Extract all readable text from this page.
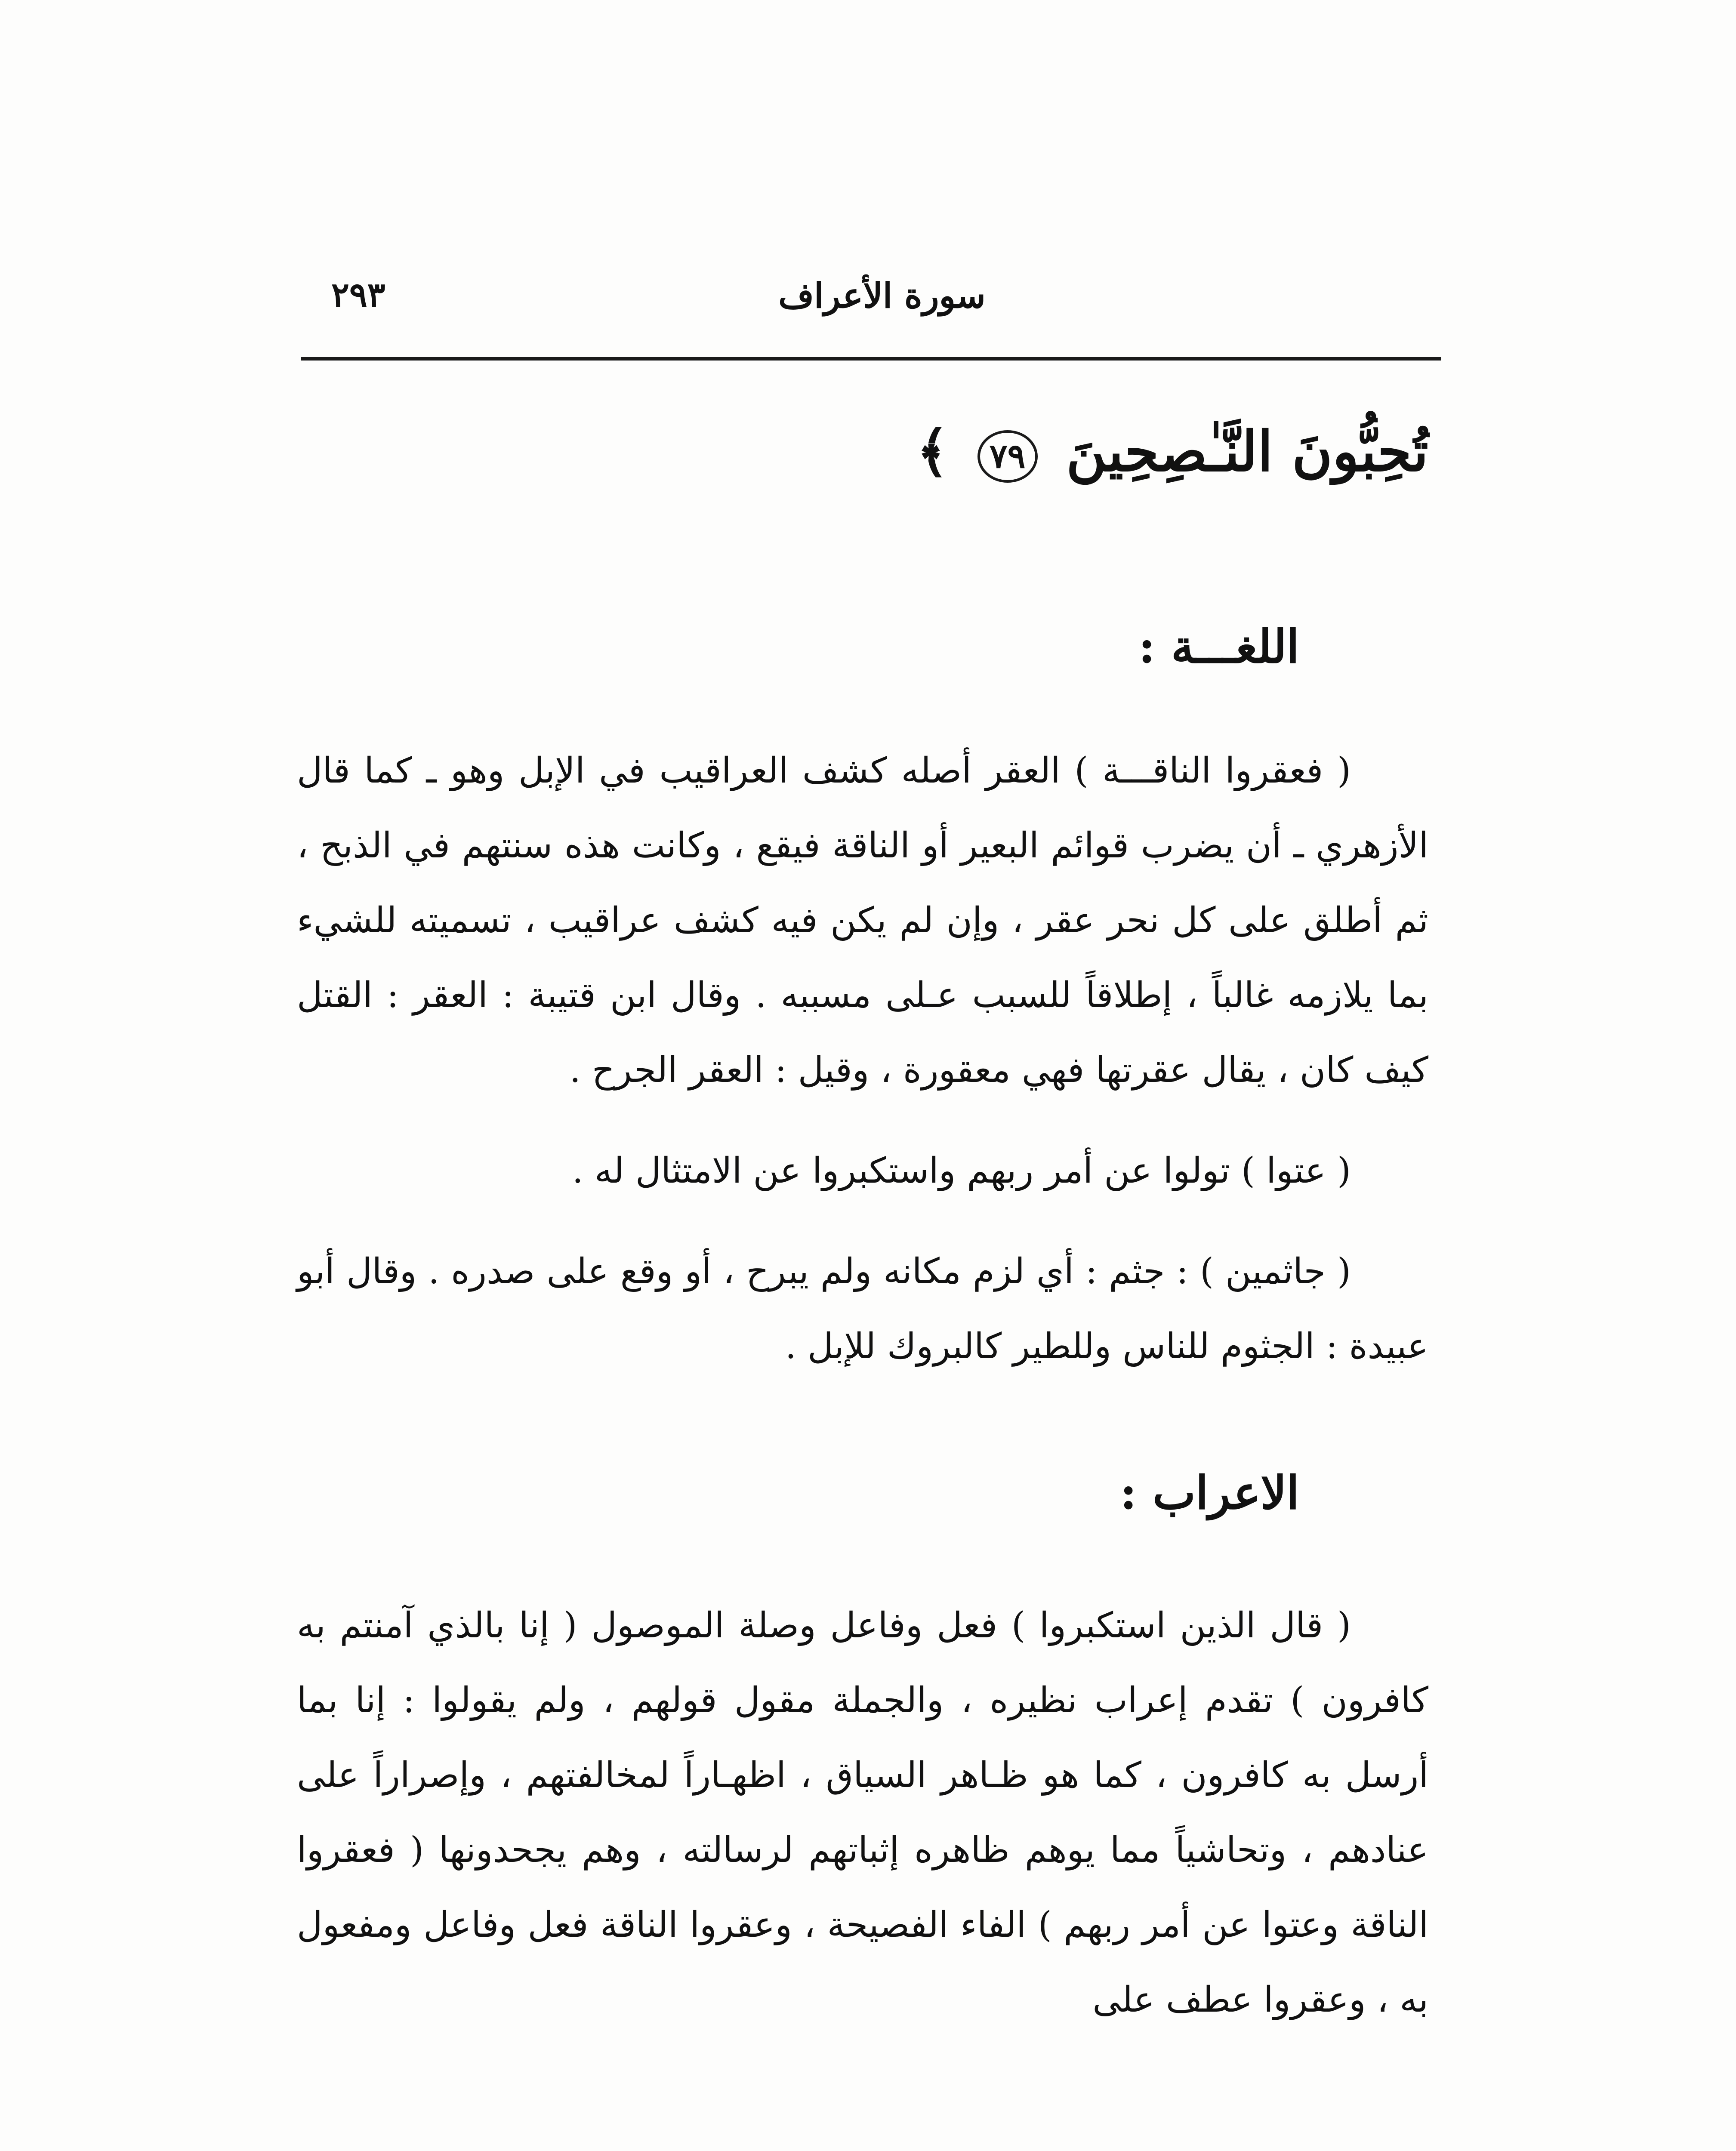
٢٩٣	سورة الأعراف
تُحِبُّونَ النَّـٰصِحِينَ ٧٩ ﴾
اللغـــة :

( فعقروا الناقـــة ) العقر أصله كشف العراقيب في الإبل وهو ـ كما قال الأزهري ـ أن يضرب قوائم البعير أو الناقة فيقع ، وكانت هذه سنتهم في الذبح ، ثم أطلق على كل نحر عقر ، وإن لم يكن فيه كشف عراقيب ، تسميته للشيء بما يلازمه غالباً ، إطلاقاً للسبب عـلى مسببه . وقال ابن قتيبة : العقر : القتل كيف كان ، يقال عقرتها فهي معقورة ، وقيل : العقر الجرح .

( عتوا ) تولوا عن أمر ربهم واستكبروا عن الامتثال له .

( جاثمين ) : جثم : أي لزم مكانه ولم يبرح ، أو وقع على صدره . وقال أبو عبيدة : الجثوم للناس وللطير كالبروك للإبل .

الاعراب :

( قال الذين استكبروا ) فعل وفاعل وصلة الموصول ( إنا بالذي آمنتم به كافرون ) تقدم إعراب نظيره ، والجملة مقول قولهم ، ولم يقولوا : إنا بما أرسل به كافرون ، كما هو ظـاهر السياق ، اظهـاراً لمخالفتهم ، وإصراراً على عنادهم ، وتحاشياً مما يوهم ظاهره إثباتهم لرسالته ، وهم يجحدونها ( فعقروا الناقة وعتوا عن أمر ربهم ) الفاء الفصيحة ، وعقروا الناقة فعل وفاعل ومفعول به ، وعقروا عطف على
